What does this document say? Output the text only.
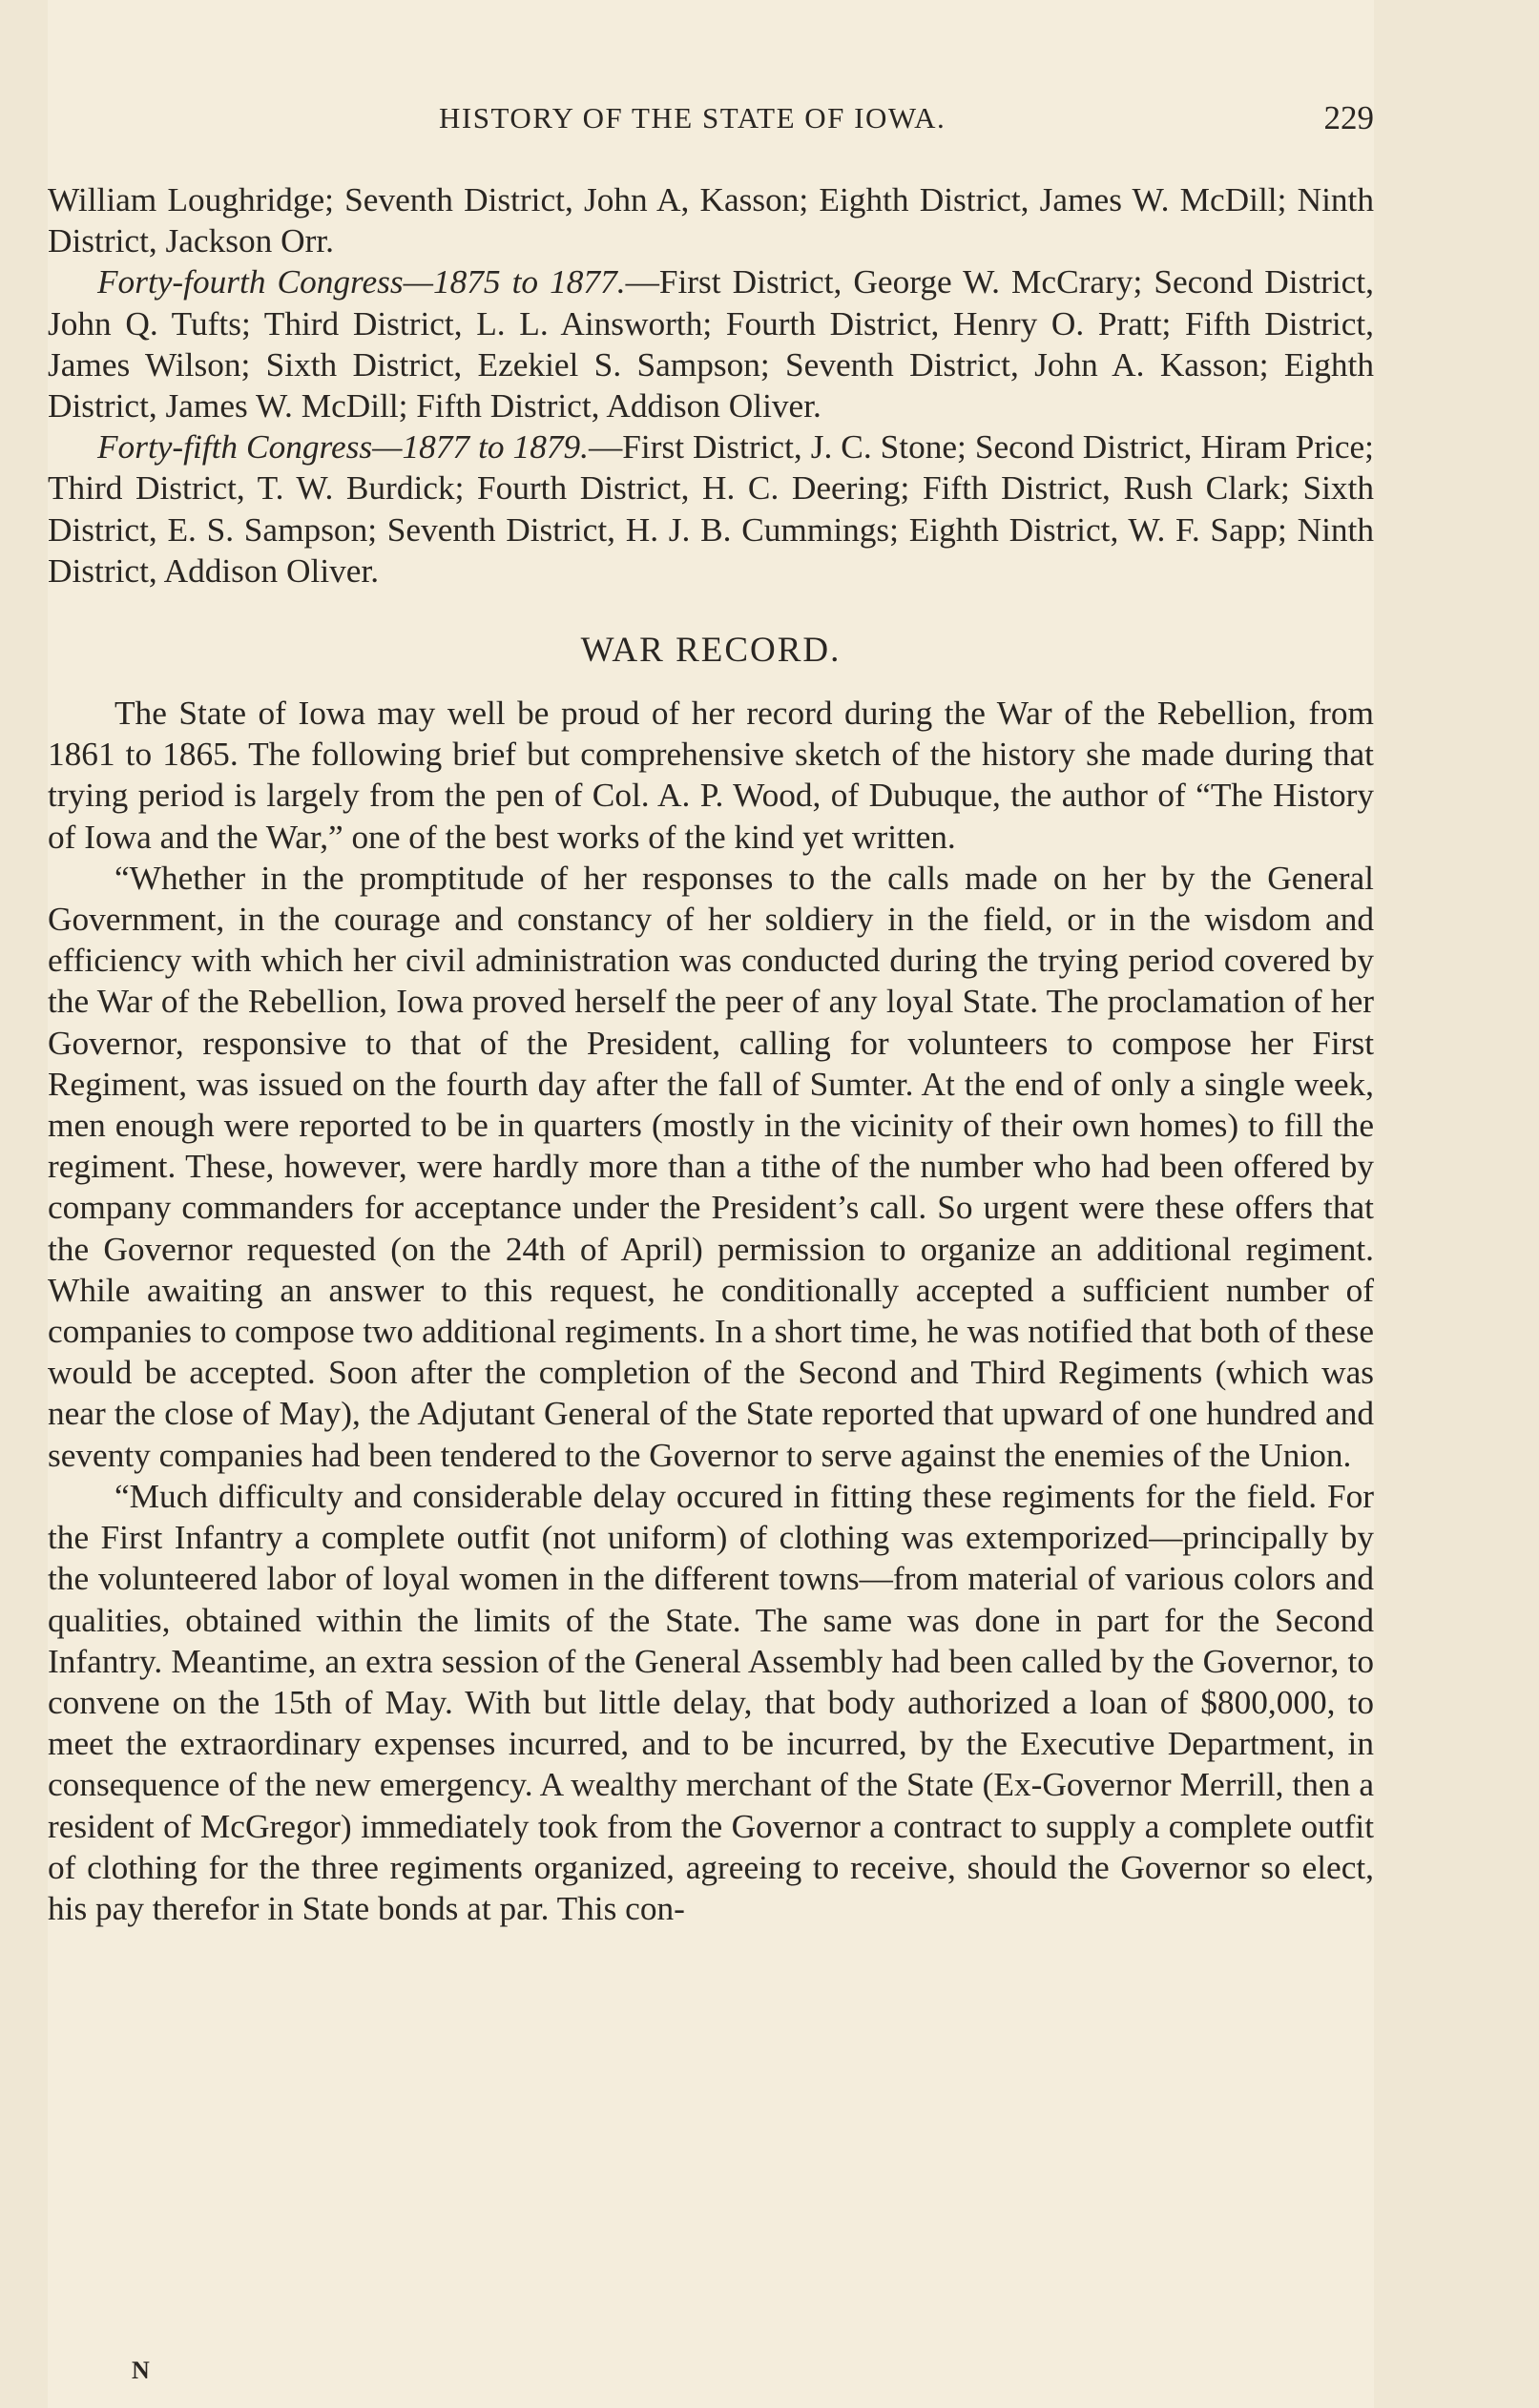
HISTORY OF THE STATE OF IOWA.	229

William Loughridge; Seventh District, John A, Kasson; Eighth District, James W. McDill; Ninth District, Jackson Orr.

Forty-fourth Congress—1875 to 1877.—First District, George W. McCrary; Second District, John Q. Tufts; Third District, L. L. Ainsworth; Fourth District, Henry O. Pratt; Fifth District, James Wilson; Sixth District, Ezekiel S. Sampson; Seventh District, John A. Kasson; Eighth District, James W. McDill; Fifth District, Addison Oliver.

Forty-fifth Congress—1877 to 1879.—First District, J. C. Stone; Second District, Hiram Price; Third District, T. W. Burdick; Fourth District, H. C. Deering; Fifth District, Rush Clark; Sixth District, E. S. Sampson; Seventh District, H. J. B. Cummings; Eighth District, W. F. Sapp; Ninth District, Addison Oliver.

WAR RECORD.

The State of Iowa may well be proud of her record during the War of the Rebellion, from 1861 to 1865. The following brief but comprehensive sketch of the history she made during that trying period is largely from the pen of Col. A. P. Wood, of Dubuque, the author of “The History of Iowa and the War,” one of the best works of the kind yet written.

“Whether in the promptitude of her responses to the calls made on her by the General Government, in the courage and constancy of her soldiery in the field, or in the wisdom and efficiency with which her civil administration was conducted during the trying period covered by the War of the Rebellion, Iowa proved herself the peer of any loyal State. The proclamation of her Governor, responsive to that of the President, calling for volunteers to compose her First Regiment, was issued on the fourth day after the fall of Sumter. At the end of only a single week, men enough were reported to be in quarters (mostly in the vicinity of their own homes) to fill the regiment. These, however, were hardly more than a tithe of the number who had been offered by company commanders for acceptance under the President’s call. So urgent were these offers that the Governor requested (on the 24th of April) permission to organize an additional regiment. While awaiting an answer to this request, he conditionally accepted a sufficient number of companies to compose two additional regiments. In a short time, he was notified that both of these would be accepted. Soon after the completion of the Second and Third Regiments (which was near the close of May), the Adjutant General of the State reported that upward of one hundred and seventy companies had been tendered to the Governor to serve against the enemies of the Union.

“Much difficulty and considerable delay occured in fitting these regiments for the field. For the First Infantry a complete outfit (not uniform) of clothing was extemporized—principally by the volunteered labor of loyal women in the different towns—from material of various colors and qualities, obtained within the limits of the State. The same was done in part for the Second Infantry. Meantime, an extra session of the General Assembly had been called by the Governor, to convene on the 15th of May. With but little delay, that body authorized a loan of $800,000, to meet the extraordinary expenses incurred, and to be incurred, by the Executive Department, in consequence of the new emergency. A wealthy merchant of the State (Ex-Governor Merrill, then a resident of McGregor) immediately took from the Governor a contract to supply a complete outfit of clothing for the three regiments organized, agreeing to receive, should the Governor so elect, his pay therefor in State bonds at par. This con-

N
